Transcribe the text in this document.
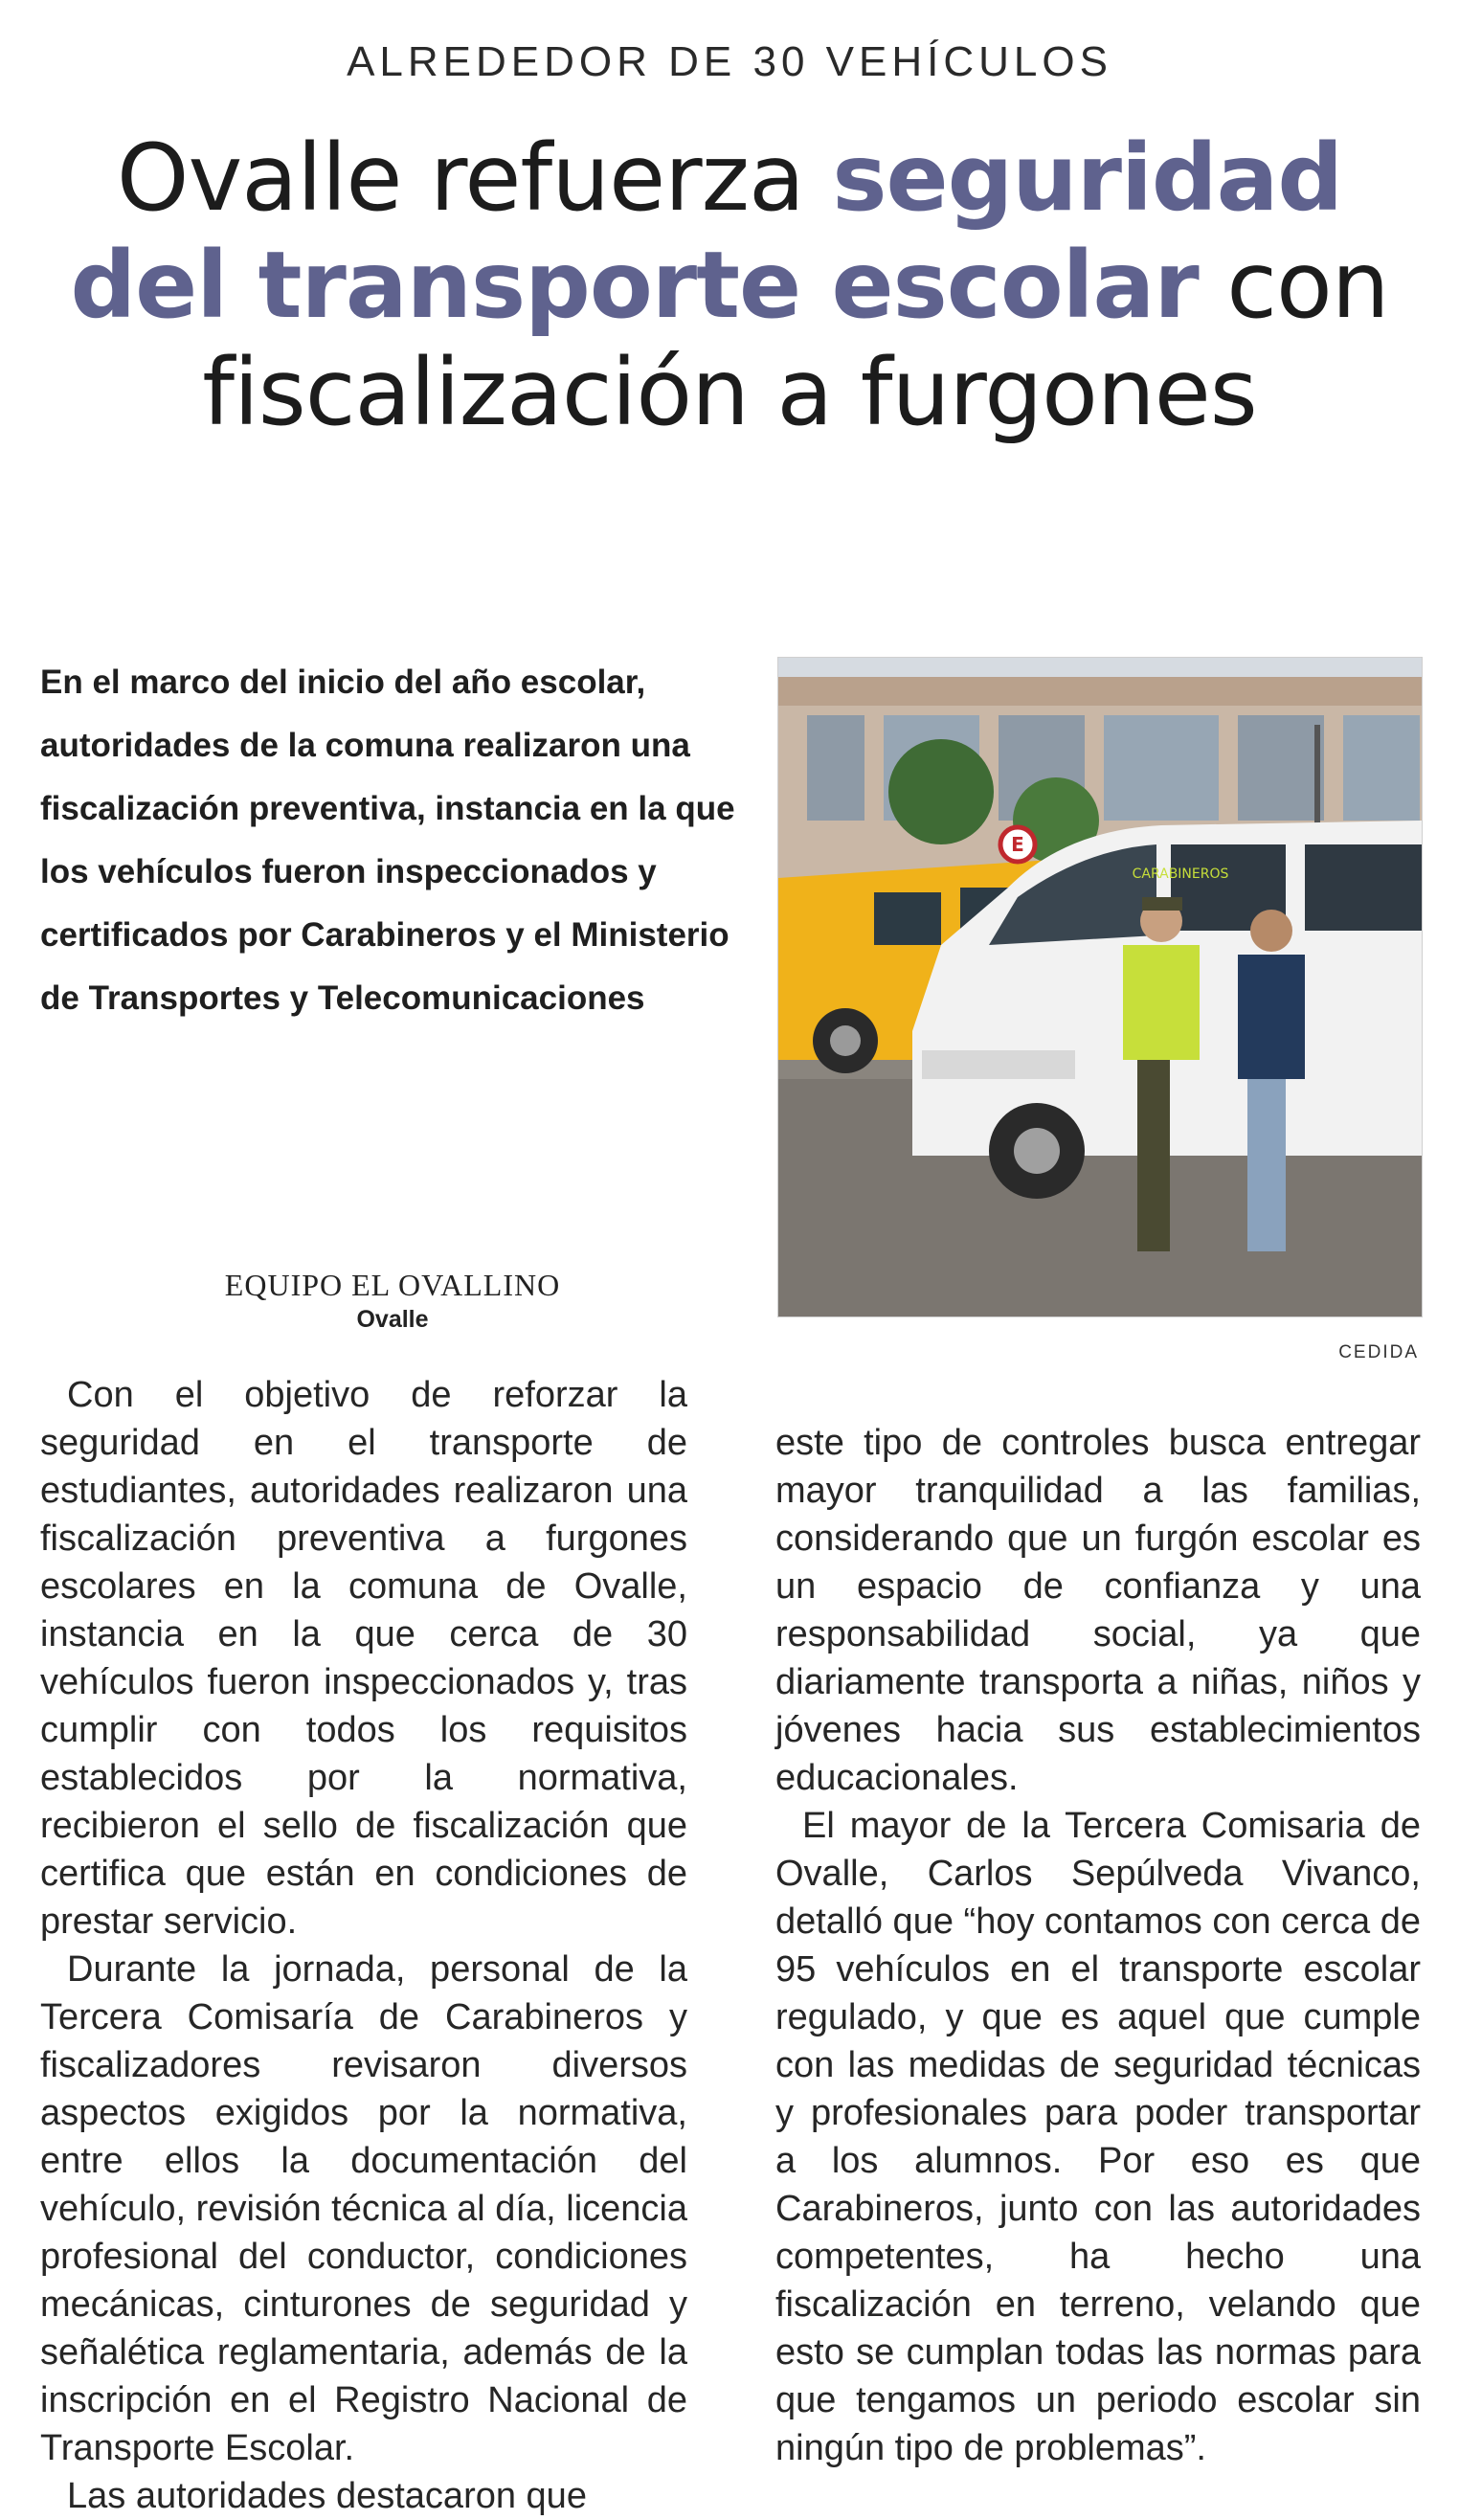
ALREDEDOR DE 30 VEHÍCULOS
Ovalle refuerza seguridad del transporte escolar con fiscalización a furgones
En el marco del inicio del año escolar, autoridades de la comuna realizaron una fiscalización preventiva, instancia en la que los vehículos fueron inspeccionados y certificados por Carabineros y el Ministerio de Transportes y Telecomunicaciones
E
CARABINEROS
CEDIDA
EQUIPO EL OVALLINO
Ovalle

Con el objetivo de reforzar la seguridad en el transporte de estudiantes, autoridades realizaron una fiscalización preventiva a furgones escolares en la comuna de Ovalle, instancia en la que cerca de 30 vehículos fueron inspeccionados y, tras cumplir con todos los requisitos establecidos por la normativa, recibieron el sello de fiscalización que certifica que están en condiciones de prestar servicio.

Durante la jornada, personal de la Tercera Comisaría de Carabineros y fiscalizadores revisaron diversos aspectos exigidos por la normativa, entre ellos la documentación del vehículo, revisión técnica al día, licencia profesional del conductor, condiciones mecánicas, cinturones de seguridad y señalética reglamentaria, además de la inscripción en el Registro Nacional de Transporte Escolar.

Las autoridades destacaron que

este tipo de controles busca entregar mayor tranquilidad a las familias, considerando que un furgón escolar es un espacio de confianza y una responsabilidad social, ya que diariamente transporta a niñas, niños y jóvenes hacia sus establecimientos educacionales.

El mayor de la Tercera Comisaria de Ovalle, Carlos Sepúlveda Vivanco, detalló que “hoy contamos con cerca de 95 vehículos en el transporte escolar regulado, y que es aquel que cumple con las medidas de seguridad técnicas y profesionales para poder transportar a los alumnos. Por eso es que Carabineros, junto con las autoridades competentes, ha hecho una fiscalización en terreno, velando que esto se cumplan todas las normas para que tengamos un periodo escolar sin ningún tipo de problemas”.
